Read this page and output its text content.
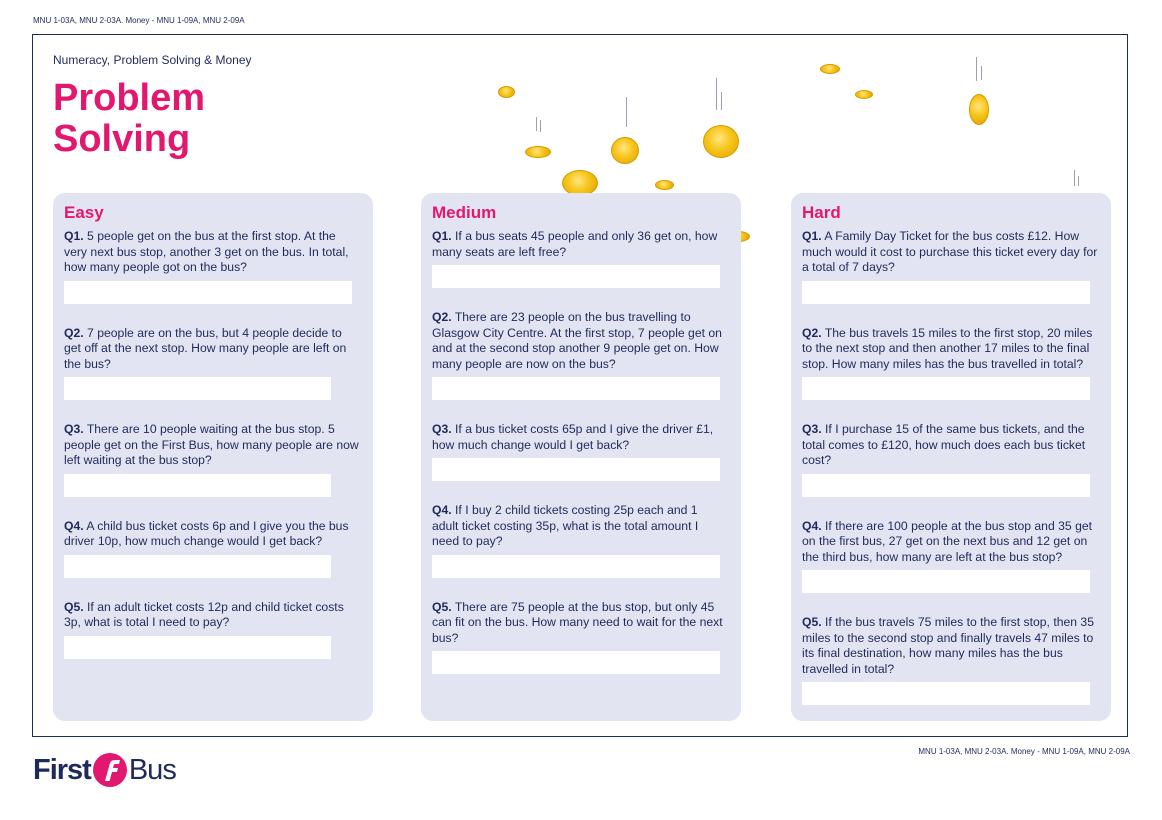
MNU 1-03A, MNU 2-03A. Money - MNU 1-09A, MNU 2-09A
Numeracy, Problem Solving & Money
Problem
Solving
Easy

Q1. 5 people get on the bus at the first stop. At the very next bus stop, another 3 get on the bus. In total, how many people got on the bus?

Q2. 7 people are on the bus, but 4 people decide to get off at the next stop. How many people are left on the bus?

Q3. There are 10 people waiting at the bus stop. 5 people get on the First Bus, how many people are now left waiting at the bus stop?

Q4. A child bus ticket costs 6p and I give you the bus driver 10p, how much change would I get back?

Q5. If an adult ticket costs 12p and child ticket costs 3p, what is total I need to pay?

Medium

Q1. If a bus seats 45 people and only 36 get on, how many seats are left free?

Q2. There are 23 people on the bus travelling to Glasgow City Centre. At the first stop, 7 people get on and at the second stop another 9 people get on. How many people are now on the bus?

Q3. If a bus ticket costs 65p and I give the driver £1, how much change would I get back?

Q4. If I buy 2 child tickets costing 25p each and 1 adult ticket costing 35p, what is the total amount I need to pay?

Q5. There are 75 people at the bus stop, but only 45 can fit on the bus. How many need to wait for the next bus?

Hard

Q1. A Family Day Ticket for the bus costs £12. How much would it cost to purchase this ticket every day for a total of 7 days?

Q2. The bus travels 15 miles to the first stop, 20 miles to the next stop and then another 17 miles to the final stop. How many miles has the bus travelled in total?

Q3. If I purchase 15 of the same bus tickets, and the total comes to £120, how much does each bus ticket cost?

Q4. If there are 100 people at the bus stop and 35 get on the first bus, 27 get on the next bus and 12 get on the third bus, how many are left at the bus stop?

Q5. If the bus travels 75 miles to the first stop, then 35 miles to the second stop and finally travels 47 miles to its final destination, how many miles has the bus travelled in total?

MNU 1-03A, MNU 2-03A. Money - MNU 1-09A, MNU 2-09A
First Bus
